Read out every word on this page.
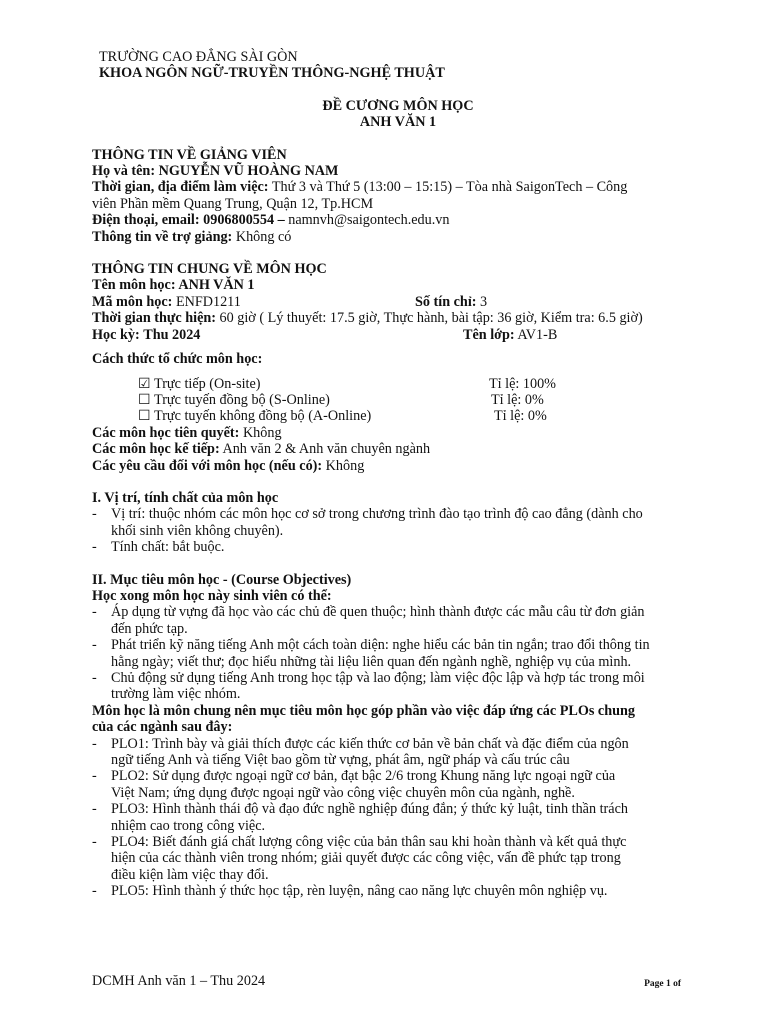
TRƯỜNG CAO ĐẲNG SÀI GÒN
KHOA NGÔN NGỮ-TRUYỀN THÔNG-NGHỆ THUẬT
ĐỀ CƯƠNG MÔN HỌC
ANH VĂN 1
THÔNG TIN VỀ GIẢNG VIÊN
Họ và tên: NGUYỄN VŨ HOÀNG NAM
Thời gian, địa điểm làm việc: Thứ 3 và Thứ 5 (13:00 – 15:15) – Tòa nhà SaigonTech – Công
viên Phần mềm Quang Trung, Quận 12, Tp.HCM
Điện thoại, email: 0906800554 – namnvh@saigontech.edu.vn
Thông tin về trợ giảng: Không có
THÔNG TIN CHUNG VỀ MÔN HỌC
Tên môn học: ANH VĂN 1
Mã môn học: ENFD1211	Số tín chỉ: 3
Thời gian thực hiện: 60 giờ ( Lý thuyết: 17.5 giờ, Thực hành, bài tập: 36 giờ, Kiểm tra: 6.5 giờ)
Học kỳ: Thu 2024	Tên lớp: AV1-B
Cách thức tổ chức môn học:
☑ Trực tiếp (On-site)	Tỉ lệ: 100%
☐ Trực tuyến đồng bộ (S-Online)	Tỉ lệ: 0%
☐ Trực tuyến không đồng bộ (A-Online)	Tỉ lệ: 0%
Các môn học tiên quyết: Không
Các môn học kế tiếp: Anh văn 2 & Anh văn chuyên ngành
Các yêu cầu đối với môn học (nếu có): Không
I. Vị trí, tính chất của môn học
- Vị trí: thuộc nhóm các môn học cơ sở trong chương trình đào tạo trình độ cao đẳng (dành cho
khối sinh viên không chuyên).
- Tính chất: bắt buộc.
II. Mục tiêu môn học - (Course Objectives)
Học xong môn học này sinh viên có thể:
- Áp dụng từ vựng đã học vào các chủ đề quen thuộc; hình thành được các mẫu câu từ đơn giản
đến phức tạp.
- Phát triển kỹ năng tiếng Anh một cách toàn diện: nghe hiểu các bản tin ngắn; trao đổi thông tin
hằng ngày; viết thư; đọc hiểu những tài liệu liên quan đến ngành nghề, nghiệp vụ của mình.
- Chủ động sử dụng tiếng Anh trong học tập và lao động; làm việc độc lập và hợp tác trong môi
trường làm việc nhóm.
Môn học là môn chung nên mục tiêu môn học góp phần vào việc đáp ứng các PLOs chung
của các ngành sau đây:
- PLO1: Trình bày và giải thích được các kiến thức cơ bản về bản chất và đặc điểm của ngôn
ngữ tiếng Anh và tiếng Việt bao gồm từ vựng, phát âm, ngữ pháp và cấu trúc câu
- PLO2: Sử dụng được ngoại ngữ cơ bản, đạt bậc 2/6 trong Khung năng lực ngoại ngữ của
Việt Nam; ứng dụng được ngoại ngữ vào công việc chuyên môn của ngành, nghề.
- PLO3: Hình thành thái độ và đạo đức nghề nghiệp đúng đắn; ý thức kỷ luật, tinh thần trách
nhiệm cao trong công việc.
- PLO4: Biết đánh giá chất lượng công việc của bản thân sau khi hoàn thành và kết quả thực
hiện của các thành viên trong nhóm; giải quyết được các công việc, vấn đề phức tạp trong
điều kiện làm việc thay đổi.
- PLO5: Hình thành ý thức học tập, rèn luyện, nâng cao năng lực chuyên môn nghiệp vụ.
DCMH Anh văn 1 – Thu 2024	Page 1 of
